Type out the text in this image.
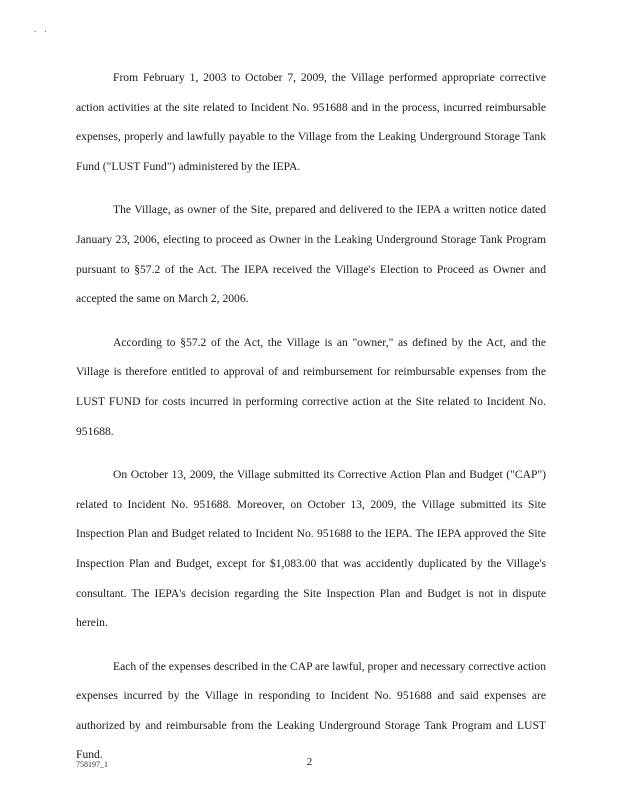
. .

From February 1, 2003 to October 7, 2009, the Village performed appropriate corrective action activities at the site related to Incident No. 951688 and in the process, incurred reimbursable expenses, properly and lawfully payable to the Village from the Leaking Underground Storage Tank Fund ("LUST Fund") administered by the IEPA.

The Village, as owner of the Site, prepared and delivered to the IEPA a written notice dated January 23, 2006, electing to proceed as Owner in the Leaking Underground Storage Tank Program pursuant to §57.2 of the Act. The IEPA received the Village's Election to Proceed as Owner and accepted the same on March 2, 2006.

According to §57.2 of the Act, the Village is an "owner," as defined by the Act, and the Village is therefore entitled to approval of and reimbursement for reimbursable expenses from the LUST FUND for costs incurred in performing corrective action at the Site related to Incident No. 951688.

On October 13, 2009, the Village submitted its Corrective Action Plan and Budget ("CAP") related to Incident No. 951688. Moreover, on October 13, 2009, the Village submitted its Site Inspection Plan and Budget related to Incident No. 951688 to the IEPA. The IEPA approved the Site Inspection Plan and Budget, except for $1,083.00 that was accidently duplicated by the Village's consultant. The IEPA's decision regarding the Site Inspection Plan and Budget is not in dispute herein.

Each of the expenses described in the CAP are lawful, proper and necessary corrective action expenses incurred by the Village in responding to Incident No. 951688 and said expenses are authorized by and reimbursable from the Leaking Underground Storage Tank Program and LUST Fund.

758197_1	2
